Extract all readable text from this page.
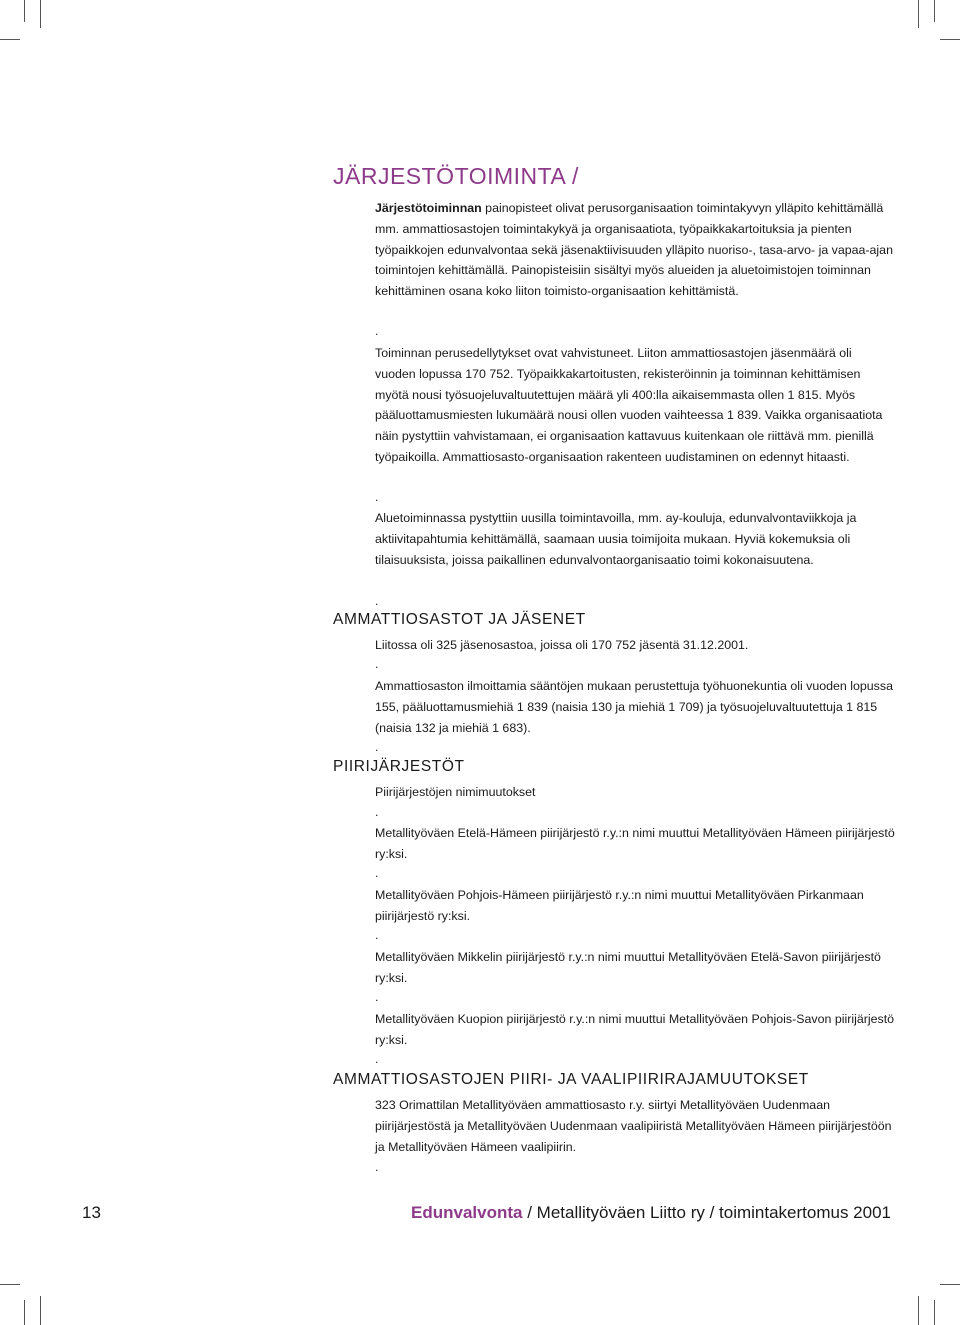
JÄRJESTÖTOIMINTA /

Järjestötoiminnan painopisteet olivat perusorganisaation toimintakyvyn ylläpito kehittämällä mm. ammattiosastojen toimintakykyä ja organisaatiota, työpaikkakartoituksia ja pienten työpaikkojen edunvalvontaa sekä jäsenaktiivisuuden ylläpito nuoriso-, tasa-arvo- ja vapaa-ajan toimintojen kehittämällä. Painopisteisiin sisältyi myös alueiden ja aluetoimistojen toiminnan kehittäminen osana koko liiton toimisto-organisaation kehittämistä.

.

Toiminnan perusedellytykset ovat vahvistuneet. Liiton ammattiosastojen jäsenmäärä oli vuoden lopussa 170 752. Työpaikkakartoitusten, rekisteröinnin ja toiminnan kehittämisen myötä nousi työsuojeluvaltuutettujen määrä yli 400:lla aikaisemmasta ollen 1 815. Myös pääluottamusmiesten lukumäärä nousi ollen vuoden vaihteessa 1 839. Vaikka organisaatiota näin pystyttiin vahvistamaan, ei organisaation kattavuus kuitenkaan ole riittävä mm. pienillä työpaikoilla. Ammattiosasto-organisaation rakenteen uudistaminen on edennyt hitaasti.

.

Aluetoiminnassa pystyttiin uusilla toimintavoilla, mm. ay-kouluja, edunvalvontaviikkoja ja aktiivitapahtumia kehittämällä, saamaan uusia toimijoita mukaan. Hyviä kokemuksia oli tilaisuuksista, joissa paikallinen edunvalvontaorganisaatio toimi kokonaisuutena.

.
AMMATTIOSASTOT JA JÄSENET

Liitossa oli 325 jäsenosastoa, joissa oli 170 752 jäsentä 31.12.2001.

.

Ammattiosaston ilmoittamia sääntöjen mukaan perustettuja työhuonekuntia oli vuoden lopussa 155, pääluottamusmiehiä 1 839 (naisia 130 ja miehiä 1 709) ja työsuojeluvaltuutettuja 1 815 (naisia 132 ja miehiä 1 683).

.
PIIRIJÄRJESTÖT

Piirijärjestöjen nimimuutokset

.

Metallityöväen Etelä-Hämeen piirijärjestö r.y.:n nimi muuttui Metallityöväen Hämeen piirijärjestö ry:ksi.

.

Metallityöväen Pohjois-Hämeen piirijärjestö r.y.:n nimi muuttui Metallityöväen Pirkanmaan piirijärjestö ry:ksi.

.

Metallityöväen Mikkelin piirijärjestö r.y.:n nimi muuttui Metallityöväen Etelä-Savon piirijärjestö ry:ksi.

.

Metallityöväen Kuopion piirijärjestö r.y.:n nimi muuttui Metallityöväen Pohjois-Savon piirijärjestö ry:ksi.

.
AMMATTIOSASTOJEN PIIRI- JA VAALIPIIRIRAJAMUUTOKSET

323 Orimattilan Metallityöväen ammattiosasto r.y. siirtyi Metallityöväen Uudenmaan piirijärjestöstä ja Metallityöväen Uudenmaan vaalipiiristä Metallityöväen Hämeen piirijärjestöön ja Metallityöväen Hämeen vaalipiirin.

.
13	Edunvalvonta / Metallityöväen Liitto ry / toimintakertomus 2001
